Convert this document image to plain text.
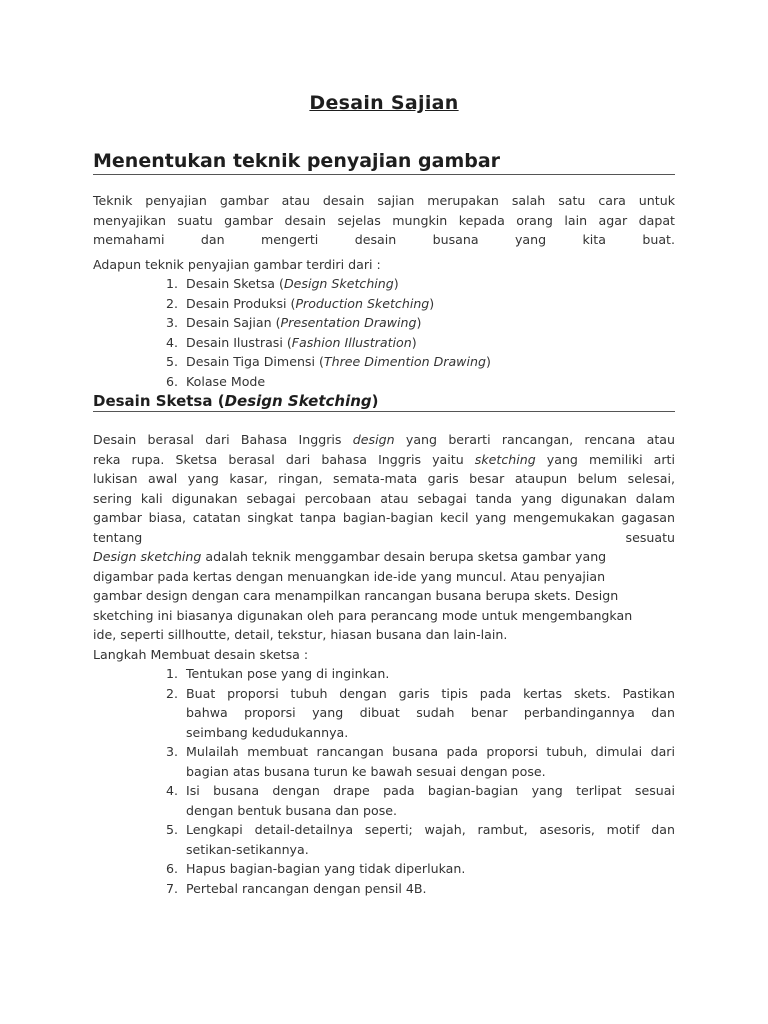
Desain Sajian
Menentukan teknik penyajian gambar
Teknik penyajian gambar atau desain sajian merupakan salah satu cara untuk
menyajikan suatu gambar desain sejelas mungkin kepada orang lain agar dapat
memahami dan mengerti desain busana yang kita buat.
Adapun teknik penyajian gambar terdiri dari :
1. Desain Sketsa (Design Sketching)
2. Desain Produksi (Production Sketching)
3. Desain Sajian (Presentation Drawing)
4. Desain Ilustrasi (Fashion Illustration)
5. Desain Tiga Dimensi (Three Dimention Drawing)
6. Kolase Mode
Desain Sketsa (Design Sketching)
Desain berasal dari Bahasa Inggris design yang berarti rancangan, rencana atau
reka rupa. Sketsa berasal dari bahasa Inggris yaitu sketching yang memiliki arti
lukisan awal yang kasar, ringan, semata-mata garis besar ataupun belum selesai,
sering kali digunakan sebagai percobaan atau sebagai tanda yang digunakan dalam
gambar biasa, catatan singkat tanpa bagian-bagian kecil yang mengemukakan gagasan
tentang sesuatu
Design sketching adalah teknik menggambar desain berupa sketsa gambar yang
digambar pada kertas dengan menuangkan ide-ide yang muncul. Atau penyajian
gambar design dengan cara menampilkan rancangan busana berupa skets. Design
sketching ini biasanya digunakan oleh para perancang mode untuk mengembangkan
ide, seperti sillhoutte, detail, tekstur, hiasan busana dan lain-lain.
Langkah Membuat desain sketsa :
1. Tentukan pose yang di inginkan.
2. Buat proporsi tubuh dengan garis tipis pada kertas skets. Pastikan
bahwa proporsi yang dibuat sudah benar perbandingannya dan
seimbang kedudukannya.
3. Mulailah membuat rancangan busana pada proporsi tubuh, dimulai dari
bagian atas busana turun ke bawah sesuai dengan pose.
4. Isi busana dengan drape pada bagian-bagian yang terlipat sesuai
dengan bentuk busana dan pose.
5. Lengkapi detail-detailnya seperti; wajah, rambut, asesoris, motif dan
setikan-setikannya.
6. Hapus bagian-bagian yang tidak diperlukan.
7. Pertebal rancangan dengan pensil 4B.
